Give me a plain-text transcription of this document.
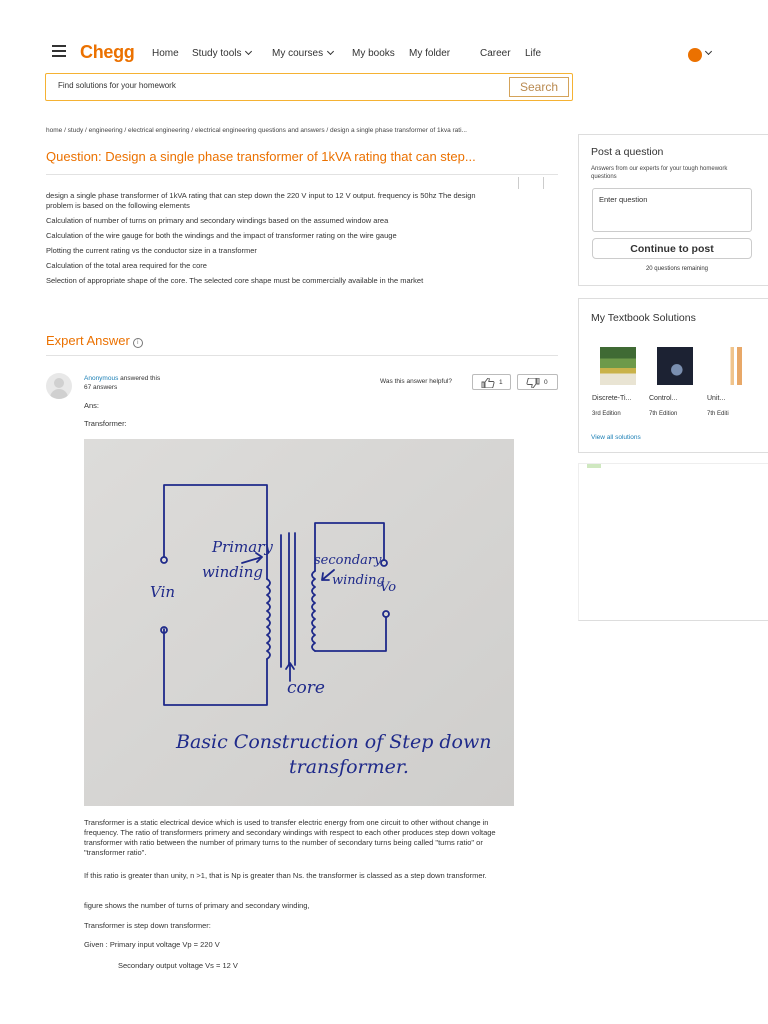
Chegg Home Study tools	My courses	My books My folder	Career Life
Find solutions for your homework
Search
home / study / engineering / electrical engineering / electrical engineering questions and answers / design a single phase transformer of 1kva rati...
Question: Design a single phase transformer of 1kVA rating that can step...

design a single phase transformer of 1kVA rating that can step down the 220 V input to 12 V output. frequency is 50hz The design problem is based on the following elements

Calculation of number of turns on primary and secondary windings based on the assumed window area

Calculation of the wire gauge for both the windings and the impact of transformer rating on the wire gauge

Plotting the current rating vs the conductor size in a transformer

Calculation of the total area required for the core

Selection of appropriate shape of the core. The selected core shape must be commercially available in the market

Expert Answer i
Anonymous answered this
67 answers
Was this answer helpful?	1	0
Ans:
Transformer:
Primary
winding
secondary
winding
Vin	Vo
core
Basic Construction of Step down
transformer.

Transformer is a static electrical device which is used to transfer electric energy from one circuit to other without change in frequency. The ratio of transformers primery and secondary windings with respect to each other produces step down voltage transformer with ratio between the number of primary turns to the number of secondary turns being called "turns ratio" or "transformer ratio".

If this ratio is greater than unity, n >1, that is Np is greater than Ns. the transformer is classed as a step down transformer.

figure shows the number of turns of primary and secondary winding,

Transformer is step down transformer:

Given : Primary input voltage Vp = 220 V

Secondary output voltage Vs = 12 V

Post a question
Answers from our experts for your tough homework questions
Enter question
Continue to post
20 questions remaining
My Textbook Solutions
Discrete-Ti...
3rd Edition
Control...
7th Edition
Unit...
7th Editi
View all solutions
